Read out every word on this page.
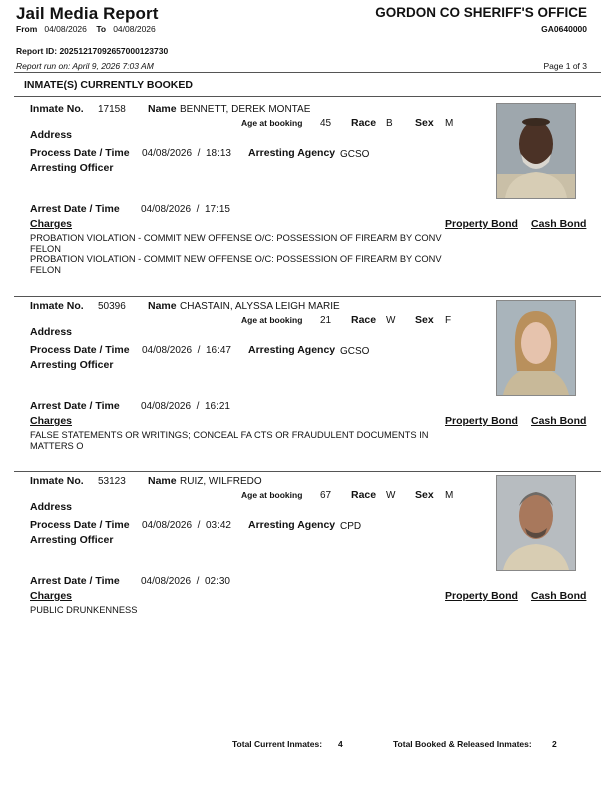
Jail Media Report	GORDON CO SHERIFF'S OFFICE
From 04/08/2026 To 04/08/2026	GA0640000
Report ID: 20251217092657000123730
Report run on: April 9, 2026 7:03 AM	Page 1 of 3
INMATE(S) CURRENTLY BOOKED
Inmate No. 17158 Name BENNETT, DEREK MONTAE
Age at booking 45 Race B Sex M
Address
Process Date / Time 04/08/2026  /  18:13 Arresting Agency GCSO
Arresting Officer
Arrest Date / Time 04/08/2026  /  17:15
Charges	Property Bond Cash Bond
PROBATION VIOLATION - COMMIT NEW OFFENSE O/C: POSSESSION OF FIREARM BY CONV FELON
PROBATION VIOLATION - COMMIT NEW OFFENSE O/C: POSSESSION OF FIREARM BY CONV FELON
Inmate No. 50396 Name CHASTAIN, ALYSSA LEIGH MARIE
Age at booking 21 Race W Sex F
Address
Process Date / Time 04/08/2026  /  16:47 Arresting Agency GCSO
Arresting Officer
Arrest Date / Time 04/08/2026  /  16:21
Charges	Property Bond Cash Bond
FALSE STATEMENTS OR WRITINGS; CONCEAL FA CTS OR FRAUDULENT DOCUMENTS IN MATTERS O
Inmate No. 53123 Name RUIZ, WILFREDO
Age at booking 67 Race W Sex M
Address
Process Date / Time 04/08/2026  /  03:42 Arresting Agency CPD
Arresting Officer
Arrest Date / Time 04/08/2026  /  02:30
Charges	Property Bond Cash Bond
PUBLIC DRUNKENNESS
Total Current Inmates: 4	Total Booked & Released Inmates: 2
